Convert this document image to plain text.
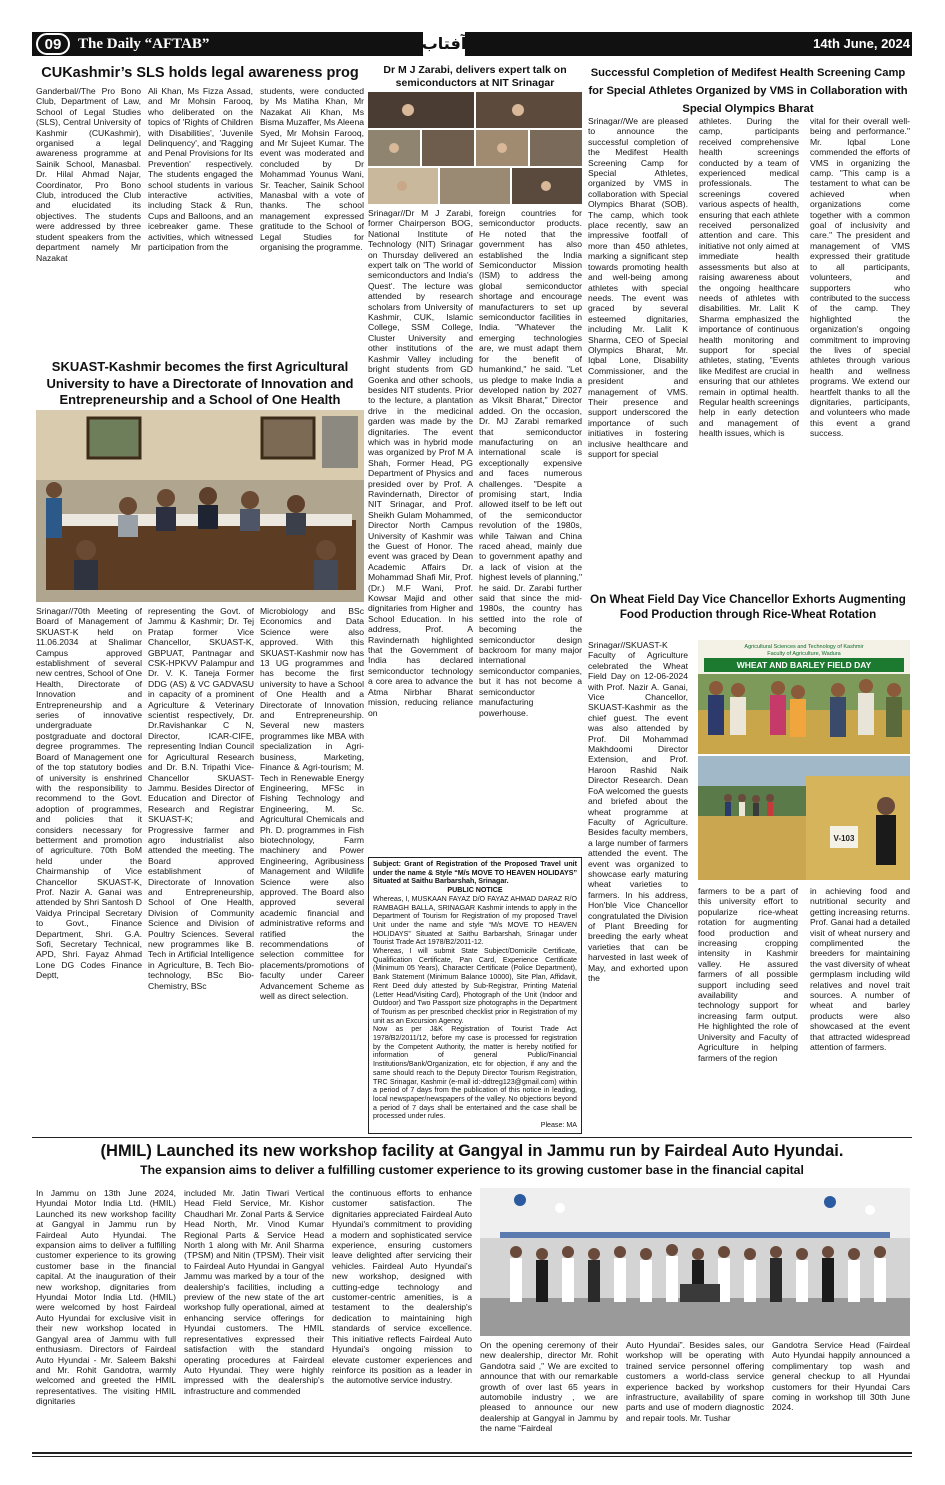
09	The Daily “AFTAB”	آفتاب	14th June, 2024
CUKashmir’s SLS holds legal awareness prog
Ganderbal//The Pro Bono Club, Department of Law, School of Legal Studies (SLS), Central University of Kashmir (CUKashmir), organised a legal awareness programme at Sainik School, Manasbal. Dr. Hilal Ahmad Najar, Coordinator, Pro Bono Club, introduced the Club and elucidated its objectives. The students were addressed by three student speakers from the department namely Mr Nazakat
Ali Khan, Ms Fizza Assad, and Mr Mohsin Farooq, who deliberated on the topics of 'Rights of Children with Disabilities', 'Juvenile Delinquency', and 'Ragging and Penal Provisions for Its Prevention' respectively. The students engaged the school students in various interactive activities, including Stack & Run, Cups and Balloons, and an icebreaker game. These activities, which witnessed participation from the
students, were conducted by Ms Matiha Khan, Mr Nazakat Ali Khan, Ms Bisma Muzaffer, Ms Aleena Syed, Mr Mohsin Farooq, and Mr Sujeet Kumar. The event was moderated and concluded by Dr Mohammad Younus Wani, Sr. Teacher, Sainik School Manasbal with a vote of thanks. The school management expressed gratitude to the School of Legal Studies for organising the programme.
SKUAST-Kashmir becomes the first Agricultural University to have a Directorate of Innovation and Entrepreneurship and a School of One Health
Srinagar//70th Meeting of Board of Management of SKUAST-K held on 11.06.2034 at Shalimar Campus approved establishment of several new centres, School of One Health, Directorate of Innovation and Entrepreneurship and a series of innovative undergraduate postgraduate and doctoral degree programmes. The Board of Management one of the top statutory bodies of university is enshrined with the responsibility to recommend to the Govt. adoption of programmes, and policies that it considers necessary for betterment and promotion of agriculture. 70th BoM held under the Chairmanship of Vice Chancellor SKUAST-K, Prof. Nazir A. Ganai was attended by Shri Santosh D Vaidya Principal Secretary to Govt., Finance Department, Shri. G.A. Sofi, Secretary Technical, APD, Shri. Fayaz Ahmad Lone DG Codes Finance Deptt,
representing the Govt. of Jammu & Kashmir; Dr. Tej Pratap former Vice Chancellor, SKUAST-K, GBPUAT, Pantnagar and CSK-HPKVV Palampur and Dr. V. K. Taneja Former DDG (AS) & VC GADVASU in capacity of a prominent Agriculture & Veterinary scientist respectively, Dr. Dr.Ravishankar C N, Director, ICAR-CIFE, representing Indian Council for Agricultural Research and Dr. B.N. Tripathi Vice-Chancellor SKUAST-Jammu. Besides Director of Education and Director of Research and Registrar SKUAST-K; and Progressive farmer and agro industrialist also attended the meeting. The Board approved establishment of Directorate of Innovation and Entrepreneurship, School of One Health, Division of Community Science and Division of Poultry Sciences. Several new programmes like B. Tech in Artificial Intelligence in Agriculture, B. Tech Bio-technology, BSc Bio-Chemistry, BSc
Microbiology and BSc Economics and Data Science were also approved. With this SKUAST-Kashmir now has 13 UG programmes and has become the first university to have a School of One Health and a Directorate of Innovation and Entrepreneurship. Several new masters programmes like MBA with specialization in Agri-business, Marketing, Finance & Agri-tourism; M. Tech in Renewable Energy Engineering, MFSc in Fishing Technology and Engineering, M. Sc. Agricultural Chemicals and Ph. D. programmes in Fish biotechnology, Farm machinery and Power Engineering, Agribusiness Management and Wildlife Science were also approved. The Board also approved several academic financial and administrative reforms and ratified the recommendations of selection committee for placements/promotions of faculty under Career Advancement Scheme as well as direct selection.
Dr M J Zarabi, delivers expert talk on semiconductors at NIT Srinagar
Srinagar//Dr M J Zarabi, former Chairperson BOG, National Institute of Technology (NIT) Srinagar on Thursday delivered an expert talk on 'The world of semiconductors and India's Quest'. The lecture was attended by research scholars from University of Kashmir, CUK, Islamic College, SSM College, Cluster University and other institutions of the Kashmir Valley including bright students from GD Goenka and other schools, besides NIT students. Prior to the lecture, a plantation drive in the medicinal garden was made by the dignitaries. The event which was in hybrid mode was organized by Prof M A Shah, Former Head, PG Department of Physics and presided over by Prof. A Ravindernath, Director of NIT Srinagar, and Prof. Sheikh Gulam Mohammed, Director North Campus University of Kashmir was the Guest of Honor. The event was graced by Dean Academic Affairs Dr. Mohammad Shafi Mir, Prof. (Dr.) M.F Wani, Prof. Kowsar Majid and other dignitaries from Higher and School Education. In his address, Prof. A Ravindernath highlighted that the Government of India has declared semiconductor technology a core area to advance the Atma Nirbhar Bharat mission, reducing reliance on
foreign countries for semiconductor products. He noted that the government has also established the India Semiconductor Mission (ISM) to address the global semiconductor shortage and encourage manufacturers to set up semiconductor facilities in India. "Whatever the emerging technologies are, we must adapt them for the benefit of humankind," he said. "Let us pledge to make India a developed nation by 2027 as Viksit Bharat," Director added. On the occasion, Dr. MJ Zarabi remarked that semiconductor manufacturing on an international scale is exceptionally expensive and faces numerous challenges. "Despite a promising start, India allowed itself to be left out of the semiconductor revolution of the 1980s, while Taiwan and China raced ahead, mainly due to government apathy and a lack of vision at the highest levels of planning," he said. Dr. Zarabi further said that since the mid-1980s, the country has settled into the role of becoming the semiconductor design backroom for many major international semiconductor companies, but it has not become a semiconductor manufacturing powerhouse.
Subject: Grant of Registration of the Proposed Travel unit under the name & Style “M/s MOVE TO HEAVEN HOLIDAYS” Situated at Saithu Barbarshah, Srinagar.
PUBLIC NOTICE
Whereas, I, MUSKAAN FAYAZ D/O FAYAZ AHMAD DARAZ R/O RAMBAGH BALLA, SRINAGAR Kashmir intends to apply in the Department of Tourism for Registration of my proposed Travel Unit under the name and style “M/s MOVE TO HEAVEN HOLIDAYS” Situated at Saithu Barbarshah, Srinagar under Tourist Trade Act 1978/B2/2011-12.
Whereas, I will submit State Subject/Domicile Certificate, Qualification Certificate, Pan Card, Experience Certificate (Minimum 05 Years), Character Certificate (Police Department), Bank Statement (Minimum Balance 10000), Site Plan, Affidavit, Rent Deed duly attested by Sub-Registrar, Printing Material (Letter Head/Visiting Card), Photograph of the Unit (Indoor and Outdoor) and Two Passport size photographs in the Department of Tourism as per prescribed checklist prior in Registration of my unit as an Excursion Agency.
Now as per J&K Registration of Tourist Trade Act 1978/B2/2011/12, before my case is processed for registration by the Competent Authority, the matter is hereby notified for information of general Public/Financial Institutions/Bank/Organization, etc for objection, if any and the same should reach to the Deputy Director Tourism Registration, TRC Srinagar, Kashmir (e-mail id:-ddtreg123@gmail.com) within a period of 7 days from the publication of this notice in leading, local newspaper/newspapers of the valley. No objections beyond a period of 7 days shall be entertained and the case shall be processed under rules.
Please: MA
Successful Completion of Medifest Health Screening Camp for Special Athletes Organized by VMS in Collaboration with Special Olympics Bharat
Srinagar//We are pleased to announce the successful completion of the Medifest Health Screening Camp for Special Athletes, organized by VMS in collaboration with Special Olympics Bharat (SOB). The camp, which took place recently, saw an impressive footfall of more than 450 athletes, marking a significant step towards promoting health and well-being among athletes with special needs. The event was graced by several esteemed dignitaries, including Mr. Lalit K Sharma, CEO of Special Olympics Bharat, Mr. Iqbal Lone, Disability Commissioner, and the president and management of VMS. Their presence and support underscored the importance of such initiatives in fostering inclusive healthcare and support for special
athletes. During the camp, participants received comprehensive health screenings conducted by a team of experienced medical professionals. The screenings covered various aspects of health, ensuring that each athlete received personalized attention and care. This initiative not only aimed at immediate health assessments but also at raising awareness about the ongoing healthcare needs of athletes with disabilities. Mr. Lalit K Sharma emphasized the importance of continuous health monitoring and support for special athletes, stating, "Events like Medifest are crucial in ensuring that our athletes remain in optimal health. Regular health screenings help in early detection and management of health issues, which is
vital for their overall well-being and performance." Mr. Iqbal Lone commended the efforts of VMS in organizing the camp. "This camp is a testament to what can be achieved when organizations come together with a common goal of inclusivity and care." The president and management of VMS expressed their gratitude to all participants, volunteers, and supporters who contributed to the success of the camp. They highlighted the organization's ongoing commitment to improving the lives of special athletes through various health and wellness programs. We extend our heartfelt thanks to all the dignitaries, participants, and volunteers who made this event a grand success.
On Wheat Field Day Vice Chancellor Exhorts Augmenting Food Production through Rice-Wheat Rotation
Agricultural Sciences and Technology of Kashmir
Faculty of Agriculture, Wadura
WHEAT AND BARLEY FIELD DAY
V-103
Srinagar//SKUAST-K Faculty of Agriculture celebrated the Wheat Field Day on 12-06-2024 with Prof. Nazir A. Ganai, Vice Chancellor, SKUAST-Kashmir as the chief guest. The event was also attended by Prof. Dil Mohammad Makhdoomi Director Extension, and Prof. Haroon Rashid Naik Director Research. Dean FoA welcomed the guests and briefed about the wheat programme at Faculty of Agriculture. Besides faculty members, a large number of farmers attended the event. The event was organized to showcase early maturing wheat varieties to farmers. In his address, Hon'ble Vice Chancellor congratulated the Division of Plant Breeding for breeding the early wheat varieties that can be harvested in last week of May, and exhorted upon the
farmers to be a part of this university effort to popularize rice-wheat rotation for augmenting food production and increasing cropping intensity in Kashmir valley. He assured farmers of all possible support including seed availability and technology support for increasing farm output. He highlighted the role of University and Faculty of Agriculture in helping farmers of the region
in achieving food and nutritional security and getting increasing returns. Prof. Ganai had a detailed visit of wheat nursery and complimented the breeders for maintaining the vast diversity of wheat germplasm including wild relatives and novel trait sources. A number of wheat and barley products were also showcased at the event that attracted widespread attention of farmers.
(HMIL) Launched its new workshop facility at Gangyal in Jammu run by Fairdeal Auto Hyundai.
The expansion aims to deliver a fulfilling customer experience to its growing customer base in the financial capital
In Jammu on 13th June 2024, Hyundai Motor India Ltd. (HMIL) Launched its new workshop facility at Gangyal in Jammu run by Fairdeal Auto Hyundai. The expansion aims to deliver a fulfilling customer experience to its growing customer base in the financial capital. At the inauguration of their new workshop, dignitaries from Hyundai Motor India Ltd. (HMIL) were welcomed by host Fairdeal Auto Hyundai for exclusive visit in their new workshop located in Gangyal area of Jammu with full enthusiasm. Directors of Fairdeal Auto Hyundai - Mr. Saleem Bakshi and Mr. Rohit Gandotra, warmly welcomed and greeted the HMIL representatives. The visiting HMIL dignitaries
included Mr. Jatin Tiwari Vertical Head Field Service, Mr. Kishor Chaudhari Mr. Zonal Parts & Service Head North, Mr. Vinod Kumar Regional Parts & Service Head North 1 along with Mr. Anil Sharma (TPSM) and Nitin (TPSM). Their visit to Fairdeal Auto Hyundai in Gangyal Jammu was marked by a tour of the dealership's facilities, including a preview of the new state of the art workshop fully operational, aimed at enhancing service offerings for Hyundai customers. The HMIL representatives expressed their satisfaction with the standard operating procedures at Fairdeal Auto Hyundai. They were highly impressed with the dealership's infrastructure and commended
the continuous efforts to enhance customer satisfaction. The dignitaries appreciated Fairdeal Auto Hyundai's commitment to providing a modern and sophisticated service experience, ensuring customers leave delighted after servicing their vehicles. Fairdeal Auto Hyundai's new workshop, designed with cutting-edge technology and customer-centric amenities, is a testament to the dealership's dedication to maintaining high standards of service excellence. This initiative reflects Fairdeal Auto Hyundai's ongoing mission to elevate customer experiences and reinforce its position as a leader in the automotive service industry.
On the opening ceremony of their new dealership, director Mr. Rohit Gandotra said ," We are excited to announce that with our remarkable growth of over last 65 years in automobile industry , we are pleased to announce our new dealership at Gangyal in Jammu by the name “Fairdeal
Auto Hyundai”. Besides sales, our workshop will be operating with trained service personnel offering customers a world-class service experience backed by workshop infrastructure, availability of spare parts and use of modern diagnostic and repair tools. Mr. Tushar
Gandotra Service Head (Fairdeal Auto Hyundai happily announced a complimentary top wash and general checkup to all Hyundai customers for their Hyundai Cars coming in workshop till 30th June 2024.
